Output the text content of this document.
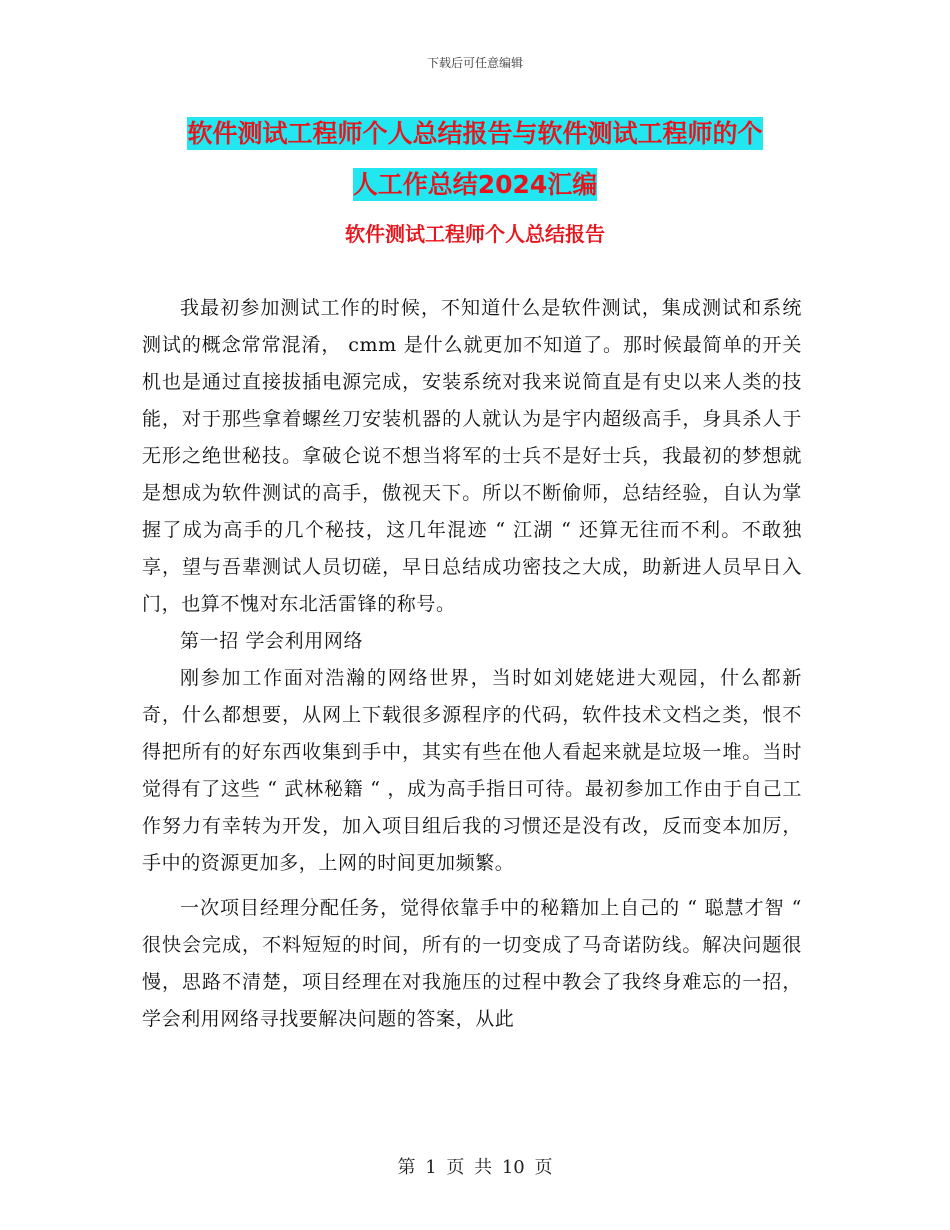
下载后可任意编辑
软件测试工程师个人总结报告与软件测试工程师的个
人工作总结2024汇编
软件测试工程师个人总结报告

我最初参加测试工作的时候，不知道什么是软件测试，集成测试和系统测试的概念常常混淆， cmm 是什么就更加不知道了。那时候最简单的开关机也是通过直接拔插电源完成，安装系统对我来说简直是有史以来人类的技能，对于那些拿着螺丝刀安装机器的人就认为是宇内超级高手，身具杀人于无形之绝世秘技。拿破仑说不想当将军的士兵不是好士兵，我最初的梦想就是想成为软件测试的高手，傲视天下。所以不断偷师，总结经验，自认为掌握了成为高手的几个秘技，这几年混迹 “ 江湖 “ 还算无往而不利。不敢独享，望与吾辈测试人员切磋，早日总结成功密技之大成，助新进人员早日入门，也算不愧对东北活雷锋的称号。

第一招 学会利用网络

刚参加工作面对浩瀚的网络世界，当时如刘姥姥进大观园，什么都新奇，什么都想要，从网上下载很多源程序的代码，软件技术文档之类，恨不得把所有的好东西收集到手中，其实有些在他人看起来就是垃圾一堆。当时觉得有了这些 “ 武林秘籍 “ ，成为高手指日可待。最初参加工作由于自己工作努力有幸转为开发，加入项目组后我的习惯还是没有改，反而变本加厉，手中的资源更加多，上网的时间更加频繁。

一次项目经理分配任务，觉得依靠手中的秘籍加上自己的 “ 聪慧才智 “ 很快会完成，不料短短的时间，所有的一切变成了马奇诺防线。解决问题很慢，思路不清楚，项目经理在对我施压的过程中教会了我终身难忘的一招，学会利用网络寻找要解决问题的答案，从此

第 1 页 共 10 页
